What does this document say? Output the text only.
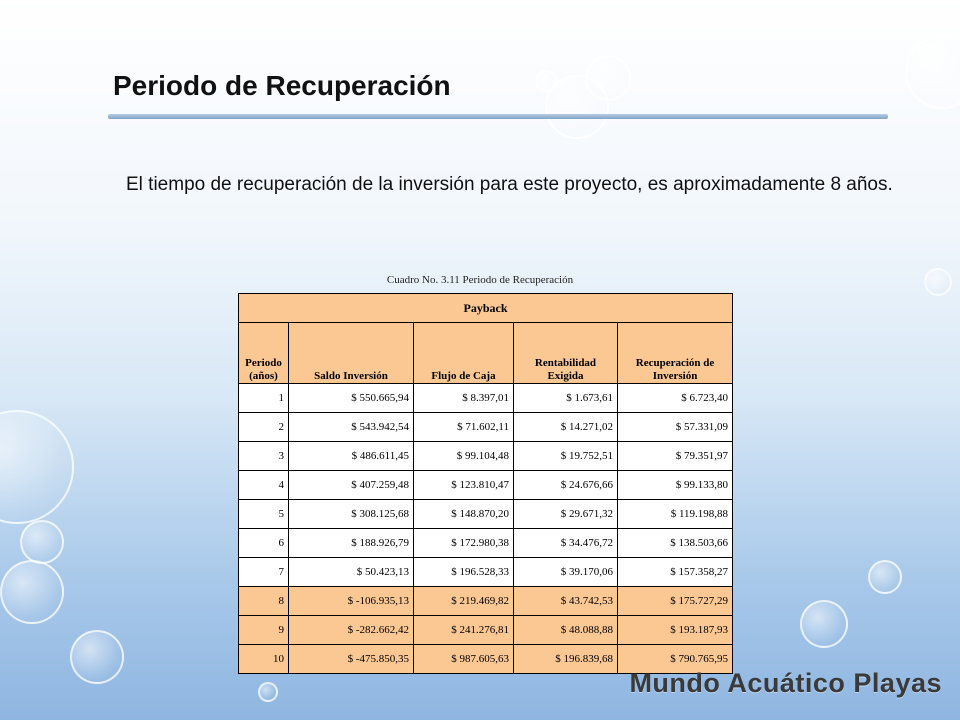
Periodo de Recuperación
El tiempo de recuperación de la inversión para este proyecto, es aproximadamente 8 años.
Cuadro No. 3.11 Periodo de Recuperación
Payback				
Periodo (años)	Saldo Inversión	Flujo de Caja	Rentabilidad Exigida	Recuperación de Inversión
1	$ 550.665,94	$ 8.397,01	$ 1.673,61	$ 6.723,40
2	$ 543.942,54	$ 71.602,11	$ 14.271,02	$ 57.331,09
3	$ 486.611,45	$ 99.104,48	$ 19.752,51	$ 79.351,97
4	$ 407.259,48	$ 123.810,47	$ 24.676,66	$ 99.133,80
5	$ 308.125,68	$ 148.870,20	$ 29.671,32	$ 119.198,88
6	$ 188.926,79	$ 172.980,38	$ 34.476,72	$ 138.503,66
7	$ 50.423,13	$ 196.528,33	$ 39.170,06	$ 157.358,27
8	$ -106.935,13	$ 219.469,82	$ 43.742,53	$ 175.727,29
9	$ -282.662,42	$ 241.276,81	$ 48.088,88	$ 193.187,93
10	$ -475.850,35	$ 987.605,63	$ 196.839,68	$ 790.765,95
Mundo Acuático Playas
